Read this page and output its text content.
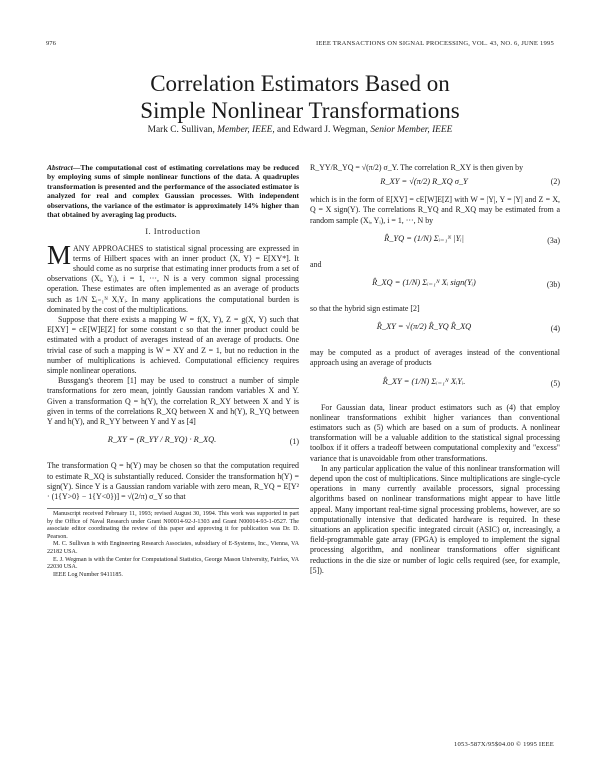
976	IEEE TRANSACTIONS ON SIGNAL PROCESSING, VOL. 43, NO. 6, JUNE 1995
Correlation Estimators Based on
Simple Nonlinear Transformations
Mark C. Sullivan, Member, IEEE, and Edward J. Wegman, Senior Member, IEEE

Abstract—The computational cost of estimating correlations may be reduced by employing sums of simple nonlinear functions of the data. A quadruples transformation is presented and the performance of the associated estimator is analyzed for real and complex Gaussian processes. With independent observations, the variance of the estimator is approximately 14% higher than that obtained by averaging lag products.

I. Introduction

MANY APPROACHES to statistical signal processing are expressed in terms of Hilbert spaces with an inner product ⟨X, Y⟩ = E[XY*]. It should come as no surprise that estimating inner products from a set of observations (Xᵢ, Yᵢ), i = 1, ···, N is a very common signal processing operation. These estimates are often implemented as an average of products such as 1/N Σᵢ₌₁ᴺ XᵢYᵢ. In many applications the computational burden is dominated by the cost of the multiplications.

Suppose that there exists a mapping W = f(X, Y), Z = g(X, Y) such that E[XY] = cE[W]E[Z] for some constant c so that the inner product could be estimated with a product of averages instead of an average of products. One trivial case of such a mapping is W = XY and Z = 1, but no reduction in the number of multiplications is achieved. Computational efficiency requires simple nonlinear operations.

Bussgang's theorem [1] may be used to construct a number of simple transformations for zero mean, jointly Gaussian random variables X and Y. Given a transformation Q = h(Y), the correlation R_XY between X and Y is given in terms of the correlations R_XQ between X and h(Y), R_YQ between Y and h(Y), and R_YY between Y and Y as [4]

R_XY = (R_YY / R_YQ) · R_XQ.	(1)

The transformation Q = h(Y) may be chosen so that the computation required to estimate R_XQ is substantially reduced. Consider the transformation h(Y) = sign(Y). Since Y is a Gaussian random variable with zero mean, R_YQ = E[Y² · (1{Y>0} − 1{Y<0})] = √(2/π) σ_Y so that

Manuscript received February 11, 1993; revised August 30, 1994. This work was supported in part by the Office of Naval Research under Grant N00014-92-J-1303 and Grant N00014-93-1-0527. The associate editor coordinating the review of this paper and approving it for publication was Dr. D. Pearson.

M. C. Sullivan is with Engineering Research Associates, subsidiary of E-Systems, Inc., Vienna, VA 22182 USA.

E. J. Wegman is with the Center for Computational Statistics, George Mason University, Fairfax, VA 22030 USA.

IEEE Log Number 9411185.

R_YY/R_YQ = √(π/2) σ_Y. The correlation R_XY is then given by

R_XY = √(π/2) R_XQ σ_Y	(2)

which is in the form of E[XY] = cE[W]E[Z] with W = |Y|, Y = |Y| and Z = X, Q = X sign(Y). The correlations R_YQ and R_XQ may be estimated from a random sample (Xᵢ, Yᵢ), i = 1, ···, N by

R̂_YQ = (1/N) Σᵢ₌₁ᴺ |Yᵢ|	(3a)

and

R̂_XQ = (1/N) Σᵢ₌₁ᴺ Xᵢ sign(Yᵢ)	(3b)

so that the hybrid sign estimate [2]

R̂_XY = √(π/2) R̂_YQ R̂_XQ	(4)

may be computed as a product of averages instead of the conventional approach using an average of products

R̂_XY = (1/N) Σᵢ₌₁ᴺ XᵢYᵢ.	(5)

For Gaussian data, linear product estimators such as (4) that employ nonlinear transformations exhibit higher variances than conventional estimators such as (5) which are based on a sum of products. A nonlinear transformation will be a valuable addition to the statistical signal processing toolbox if it offers a tradeoff between computational complexity and "excess" variance that is unavoidable from other transformations.

In any particular application the value of this nonlinear transformation will depend upon the cost of multiplications. Since multiplications are single-cycle operations in many currently available processors, signal processing algorithms based on nonlinear transformations might appear to have little appeal. Many important real-time signal processing problems, however, are so computationally intensive that dedicated hardware is required. In these situations an application specific integrated circuit (ASIC) or, increasingly, a field-programmable gate array (FPGA) is employed to implement the signal processing algorithm, and nonlinear transformations offer significant reductions in the die size or number of logic cells required (see, for example, [5]).

1053-587X/95$04.00 © 1995 IEEE
